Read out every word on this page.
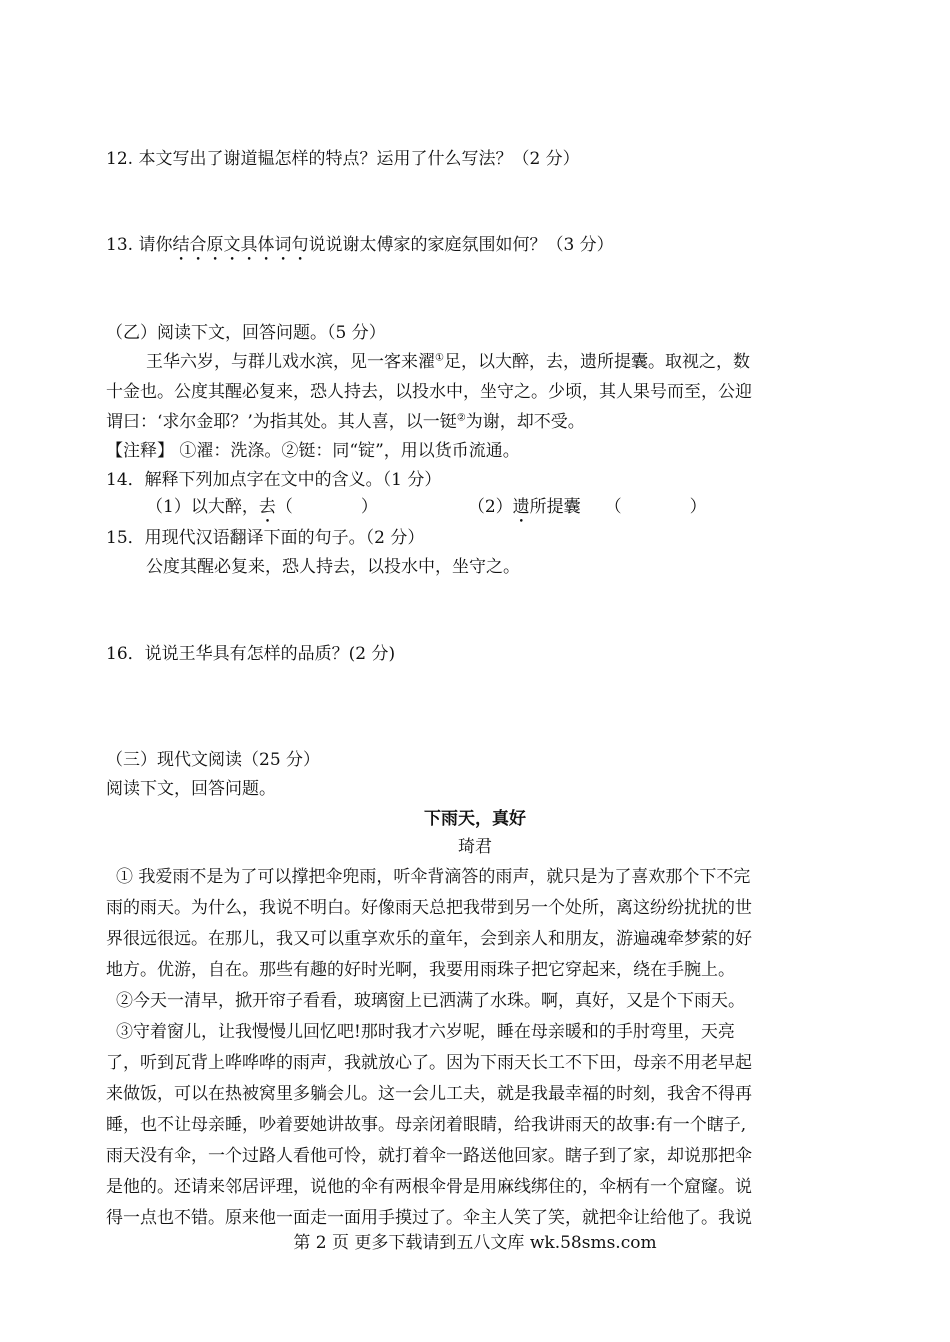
12. 本文写出了谢道韫怎样的特点？运用了什么写法？（2 分）
13. 请你结合原文具体词句说说谢太傅家的家庭氛围如何？（3 分）
（乙）阅读下文，回答问题。（5 分）
王华六岁，与群儿戏水滨，见一客来濯①足，以大醉，去，遗所提囊。取视之，数
十金也。公度其醒必复来，恐人持去，以投水中，坐守之。少顷，其人果号而至，公迎
谓曰：‘求尔金耶？’为指其处。其人喜，以一铤②为谢，却不受。
【注释】 ①濯：洗涤。②铤：同“锭”，用以货币流通。
14．解释下列加点字在文中的含义。（1 分）
（1）以大醉，去（　　　　）	（2）遗所提囊 （　　　　）
15．用现代汉语翻译下面的句子。（2 分）
公度其醒必复来，恐人持去，以投水中，坐守之。
16．说说王华具有怎样的品质？(2 分)
（三）现代文阅读（25 分）
阅读下文，回答问题。
下雨天，真好
琦君
① 我爱雨不是为了可以撑把伞兜雨，听伞背滴答的雨声，就只是为了喜欢那个下不完
雨的雨天。为什么，我说不明白。好像雨天总把我带到另一个处所，离这纷纷扰扰的世
界很远很远。在那儿，我又可以重享欢乐的童年，会到亲人和朋友，游遍魂牵梦萦的好
地方。优游，自在。那些有趣的好时光啊，我要用雨珠子把它穿起来，绕在手腕上。
②今天一清早，掀开帘子看看，玻璃窗上已洒满了水珠。啊，真好，又是个下雨天。
③守着窗儿，让我慢慢儿回忆吧!那时我才六岁呢，睡在母亲暖和的手肘弯里，天亮
了，听到瓦背上哗哗哗的雨声，我就放心了。因为下雨天长工不下田，母亲不用老早起
来做饭，可以在热被窝里多躺会儿。这一会儿工夫，就是我最幸福的时刻，我舍不得再
睡，也不让母亲睡，吵着要她讲故事。母亲闭着眼睛，给我讲雨天的故事:有一个瞎子,
雨天没有伞，一个过路人看他可怜，就打着伞一路送他回家。瞎子到了家，却说那把伞
是他的。还请来邻居评理，说他的伞有两根伞骨是用麻线绑住的，伞柄有一个窟窿。说
得一点也不错。原来他一面走一面用手摸过了。伞主人笑了笑，就把伞让给他了。我说
第 2 页 更多下载请到五八文库 wk.58sms.com
